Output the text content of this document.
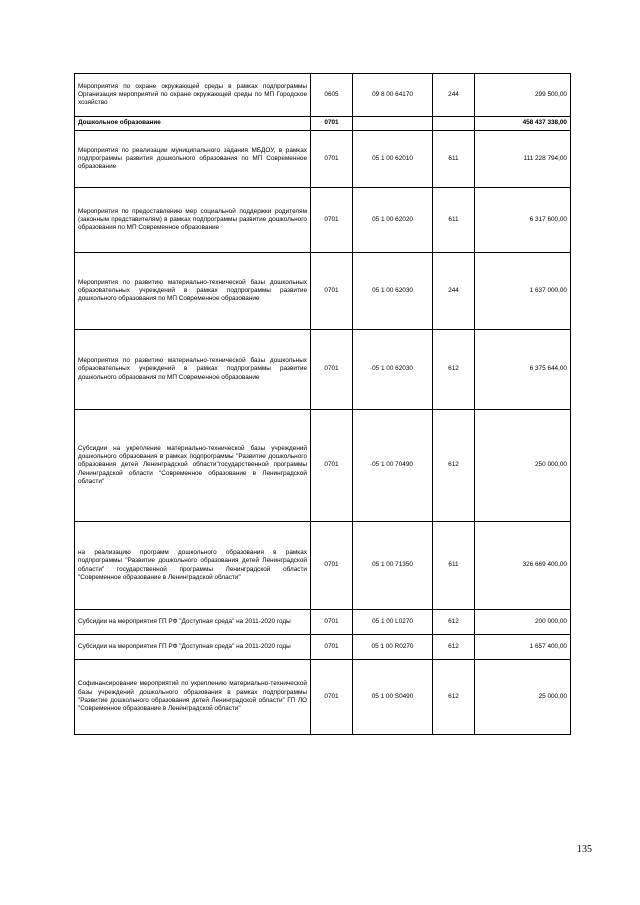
Мероприятия по охране окружающей среды в рамках подпрограммы Организация мероприятий по охране окружающей среды по МП Городское хозяйство	0605	09 8 00 64170	244	299 500,00
Дошкольное образование	0701			458 437 338,00
Мероприятия по реализации муниципального задания МБДОУ, в рамках подпрограммы развития дошкольного образования по МП Современное образование	0701	05 1 00 62010	611	111 228 794,00
Мероприятия по предоставлению мер социальной поддержки родителям (законным представителям) в рамках подпрограммы развитие дошкольного образования по МП Современное образование	0701	05 1 00 62020	611	6 317 600,00
Мероприятия по развитию материально-технической базы дошкольных образовательных учреждений в рамках подпрограммы развитие дошкольного образования по МП Современное образование	0701	05 1 00 62030	244	1 637 000,00
Мероприятия по развитию материально-технической базы дошкольных образовательных учреждений в рамках подпрограммы развитие дошкольного образования по МП Современное образование	0701	05 1 00 62030	612	6 375 644,00
Субсидии на укрепление материально-технической базы учреждений дошкольного образования в рамках подпрограммы "Развитие дошкольного образования детей Ленинградской области"государственной программы Ленинградской области "Современное образование в Ленинградской области"	0701	05 1 00 70490	612	250 000,00
на реализацию программ дошкольного образования в рамках подпрограммы "Развитие дошкольного образования детей Ленинградской области" государственной программы Ленинградской области "Современное образование в Ленинградской области"	0701	05 1 00 71350	611	326 669 400,00
Субсидии на мероприятия ГП РФ "Доступная среда" на 2011-2020 годы	0701	05 1 00 L0270	612	200 000,00
Субсидии на мероприятия ГП РФ "Доступная среда" на 2011-2020 годы	0701	05 1 00 R0270	612	1 657 400,00
Софинансирование мероприятий по укреплению материально-технической базы учреждений дошкольного образования в рамках подпрограммы "Развитие дошкольного образования детей Ленинградской области" ГП ЛО "Современное образование в Ленинградской области"	0701	05 1 00 S0490	612	25 000,00
135
